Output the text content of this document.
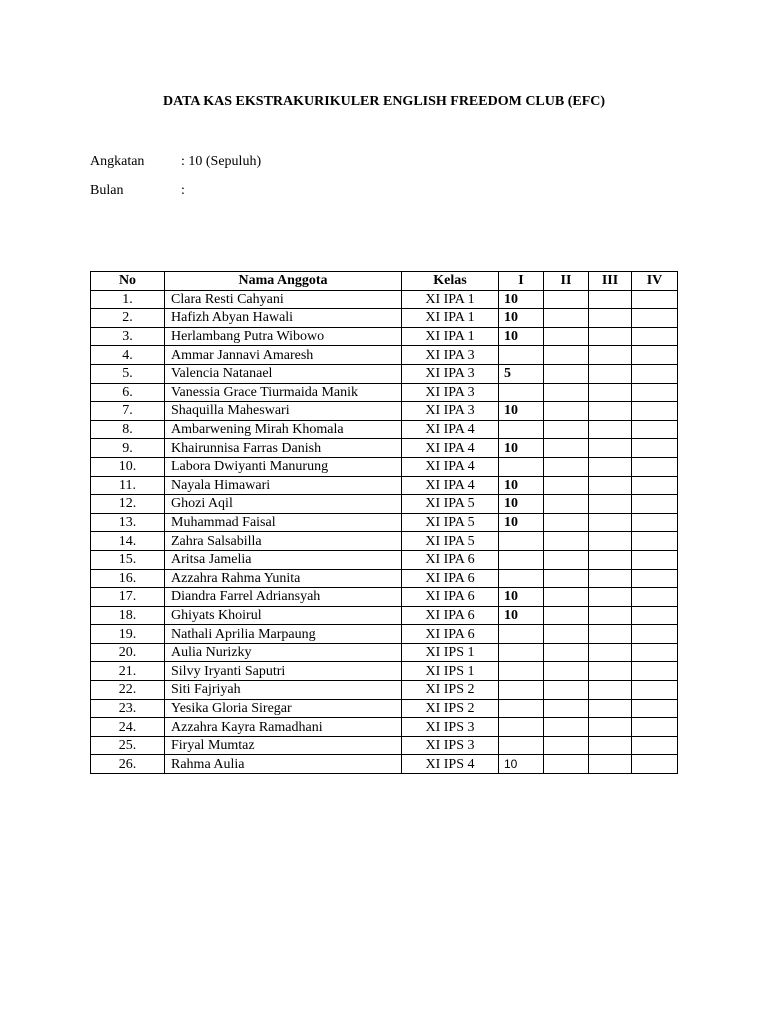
DATA KAS EKSTRAKURIKULER ENGLISH FREEDOM CLUB (EFC)
Angkatan	: 10 (Sepuluh)
Bulan	:
No	Nama Anggota	Kelas	I	II	III	IV
1.	Clara Resti Cahyani	XI IPA 1	10			
2.	Hafizh Abyan Hawali	XI IPA 1	10			
3.	Herlambang Putra Wibowo	XI IPA 1	10			
4.	Ammar Jannavi Amaresh	XI IPA 3				
5.	Valencia Natanael	XI IPA 3	5			
6.	Vanessia Grace Tiurmaida Manik	XI IPA 3				
7.	Shaquilla Maheswari	XI IPA 3	10			
8.	Ambarwening Mirah Khomala	XI IPA 4				
9.	Khairunnisa Farras Danish	XI IPA 4	10			
10.	Labora Dwiyanti Manurung	XI IPA 4				
11.	Nayala Himawari	XI IPA 4	10			
12.	Ghozi Aqil	XI IPA 5	10			
13.	Muhammad Faisal	XI IPA 5	10			
14.	Zahra Salsabilla	XI IPA 5				
15.	Aritsa Jamelia	XI IPA 6				
16.	Azzahra Rahma Yunita	XI IPA 6				
17.	Diandra Farrel Adriansyah	XI IPA 6	10			
18.	Ghiyats Khoirul	XI IPA 6	10			
19.	Nathali Aprilia Marpaung	XI IPA 6				
20.	Aulia Nurizky	XI IPS 1				
21.	Silvy Iryanti Saputri	XI IPS 1				
22.	Siti Fajriyah	XI IPS 2				
23.	Yesika Gloria Siregar	XI IPS 2				
24.	Azzahra Kayra Ramadhani	XI IPS 3				
25.	Firyal Mumtaz	XI IPS 3				
26.	Rahma Aulia	XI IPS 4	10			
